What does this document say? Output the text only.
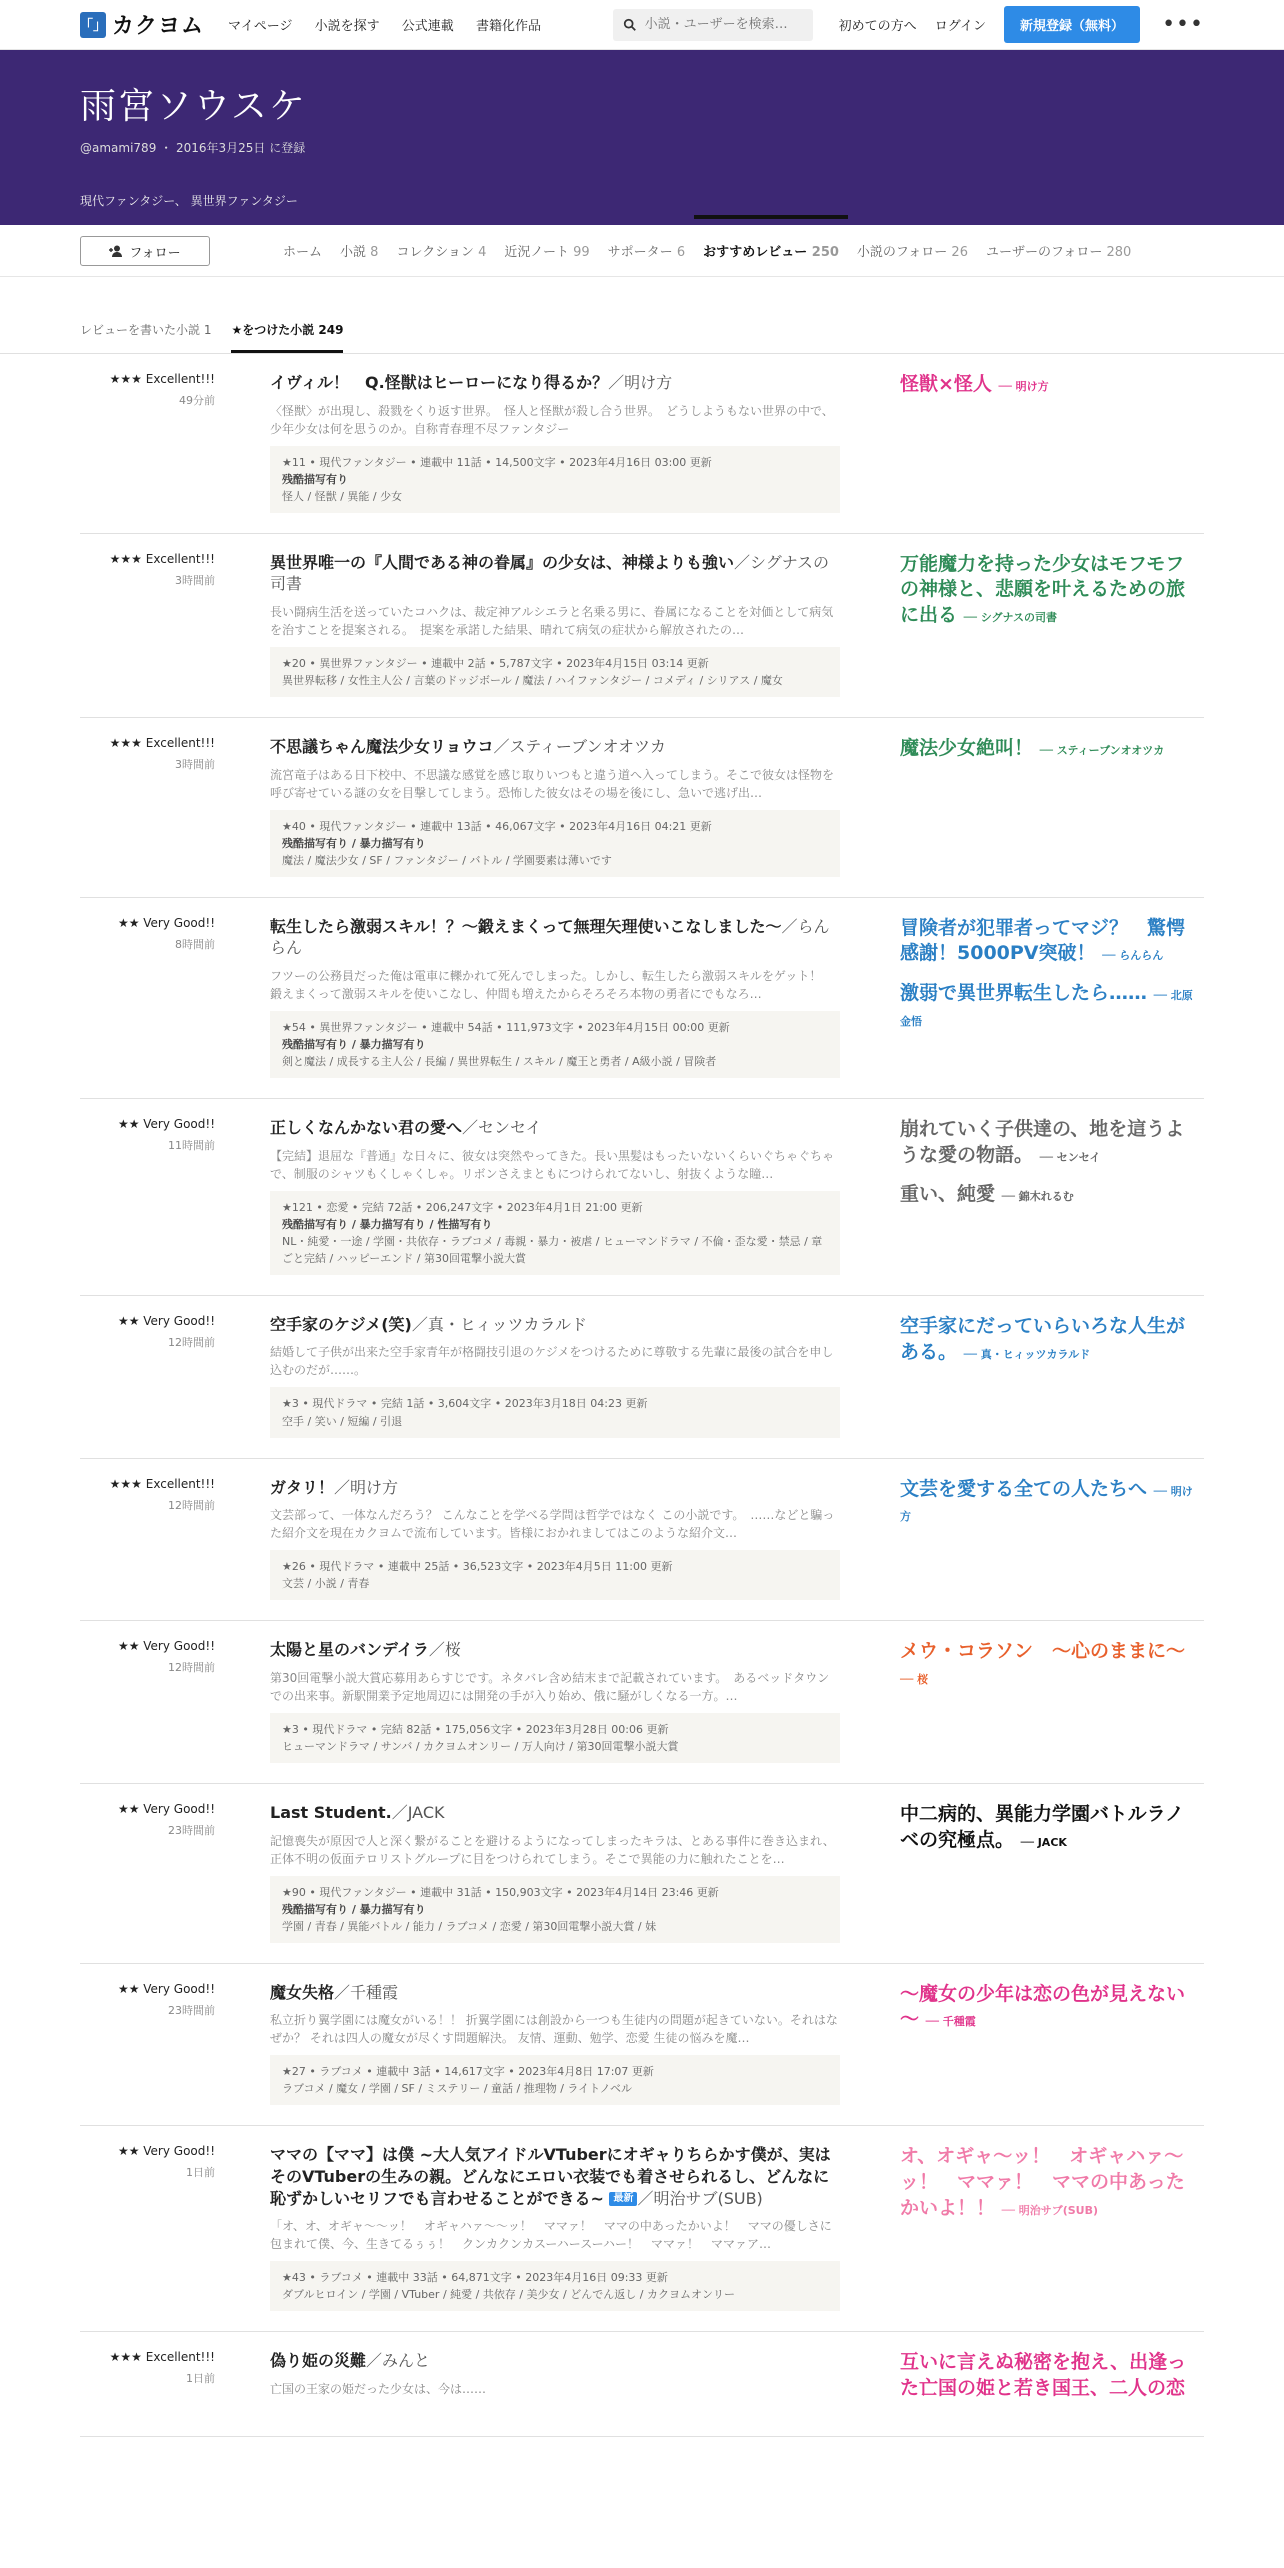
「」 カクヨム マイページ 小説を探す 公式連載 書籍化作品
小説・ユーザーを検索…	初めての方へ ログイン	新規登録（無料）	•••
雨宮ソウスケ
@amami789 ・ 2016年3月25日 に登録
現代ファンタジー、 異世界ファンタジー
フォロー	ホーム	小説 8	コレクション 4	近況ノート 99	サポーター 6	おすすめレビュー 250	小説のフォロー 26	ユーザーのフォロー 280
レビューを書いた小説 1 ★をつけた小説 249
★★★ Excellent!!!
49分前
イヴィル！　Q.怪獣はヒーローになり得るか？／明け方
〈怪獣〉が出現し、殺戮をくり返す世界。　怪人と怪獣が殺し合う世界。　どうしようもない世界の中で、少年少女は何を思うのか。自称青春理不尽ファンタジー
★11 • 現代ファンタジー • 連載中 11話 • 14,500文字 • 2023年4月16日 03:00 更新
残酷描写有り
怪人 / 怪獣 / 異能 / 少女
怪獣×怪人 ── 明け方
★★★ Excellent!!!
3時間前
異世界唯一の『人間である神の眷属』の少女は、神様よりも強い／シグナスの司書
長い闘病生活を送っていたコハクは、裁定神アルシエラと名乗る男に、眷属になることを対価として病気を治すことを提案される。　提案を承諾した結果、晴れて病気の症状から解放されたの…
★20 • 異世界ファンタジー • 連載中 2話 • 5,787文字 • 2023年4月15日 03:14 更新
異世界転移 / 女性主人公 / 言葉のドッジボール / 魔法 / ハイファンタジー / コメディ / シリアス / 魔女
万能魔力を持った少女はモフモフの神様と、悲願を叶えるための旅に出る ── シグナスの司書
★★★ Excellent!!!
3時間前
不思議ちゃん魔法少女リョウコ／スティーブンオオツカ
流宮竜子はある日下校中、不思議な感覚を感じ取りいつもと違う道へ入ってしまう。そこで彼女は怪物を呼び寄せている謎の女を目撃してしまう。恐怖した彼女はその場を後にし、急いで逃げ出…
★40 • 現代ファンタジー • 連載中 13話 • 46,067文字 • 2023年4月16日 04:21 更新
残酷描写有り / 暴力描写有り
魔法 / 魔法少女 / SF / ファンタジー / バトル / 学園要素は薄いです
魔法少女絶叫！ ── スティーブンオオツカ
★★ Very Good!!
8時間前
転生したら激弱スキル！？〜鍛えまくって無理矢理使いこなしました〜／らんらん
フツーの公務員だった俺は電車に轢かれて死んでしまった。しかし、転生したら激弱スキルをゲット！　鍛えまくって激弱スキルを使いこなし、仲間も増えたからそろそろ本物の勇者にでもなろ…
★54 • 異世界ファンタジー • 連載中 54話 • 111,973文字 • 2023年4月15日 00:00 更新
残酷描写有り / 暴力描写有り
剣と魔法 / 成長する主人公 / 長編 / 異世界転生 / スキル / 魔王と勇者 / A級小説 / 冒険者
冒険者が犯罪者ってマジ？　驚愕感謝！5000PV突破！ ── らんらん
激弱で異世界転生したら…… ── 北原金悟
★★ Very Good!!
11時間前
正しくなんかない君の愛へ／センセイ
【完結】退屈な『普通』な日々に、彼女は突然やってきた。長い黒髪はもったいないくらいぐちゃぐちゃで、制服のシャツもくしゃくしゃ。リボンさえまともにつけられてないし、射抜くような瞳…
★121 • 恋愛 • 完結 72話 • 206,247文字 • 2023年4月1日 21:00 更新
残酷描写有り / 暴力描写有り / 性描写有り
NL・純愛・一途 / 学園・共依存・ラブコメ / 毒親・暴力・被虐 / ヒューマンドラマ / 不倫・歪な愛・禁忌 / 章ごと完結 / ハッピーエンド / 第30回電撃小説大賞
崩れていく子供達の、地を這うような愛の物語。 ── センセイ
重い、純愛 ── 錦木れるむ
★★ Very Good!!
12時間前
空手家のケジメ(笑)／真・ヒィッツカラルド
結婚して子供が出来た空手家青年が格闘技引退のケジメをつけるために尊敬する先輩に最後の試合を申し込むのだが……。
★3 • 現代ドラマ • 完結 1話 • 3,604文字 • 2023年3月18日 04:23 更新
空手 / 笑い / 短編 / 引退
空手家にだっていらいろな人生がある。 ── 真・ヒィッツカラルド
★★★ Excellent!!!
12時間前
ガタリ！／明け方
文芸部って、一体なんだろう？ こんなことを学べる学問は哲学ではなく この小説です。　……などと騙った紹介文を現在カクヨムで流布しています。皆様におかれましてはこのような紹介文…
★26 • 現代ドラマ • 連載中 25話 • 36,523文字 • 2023年4月5日 11:00 更新
文芸 / 小説 / 青春
文芸を愛する全ての人たちへ ── 明け方
★★ Very Good!!
12時間前
太陽と星のバンデイラ／桜
第30回電撃小説大賞応募用あらすじです。ネタバレ含め結末まで記載されています。　あるベッドタウンでの出来事。新駅開業予定地周辺には開発の手が入り始め、俄に騒がしくなる一方。…
★3 • 現代ドラマ • 完結 82話 • 175,056文字 • 2023年3月28日 00:06 更新
ヒューマンドラマ / サンバ / カクヨムオンリー / 万人向け / 第30回電撃小説大賞
メウ・コラソン　〜心のままに〜 ── 桜
★★ Very Good!!
23時間前
Last Student.／JACK
記憶喪失が原因で人と深く繋がることを避けるようになってしまったキラは、とある事件に巻き込まれ、正体不明の仮面テロリストグループに目をつけられてしまう。そこで異能の力に触れたことを…
★90 • 現代ファンタジー • 連載中 31話 • 150,903文字 • 2023年4月14日 23:46 更新
残酷描写有り / 暴力描写有り
学園 / 青春 / 異能バトル / 能力 / ラブコメ / 恋愛 / 第30回電撃小説大賞 / 妹
中二病的、異能力学園バトルラノベの究極点。 ── JACK
★★ Very Good!!
23時間前
魔女失格／千種霞
私立折り翼学園には魔女がいる！！ 折翼学園には創設から一つも生徒内の問題が起きていない。それはなぜか？ それは四人の魔女が尽くす問題解決。 友情、運動、勉学、恋愛 生徒の悩みを魔…
★27 • ラブコメ • 連載中 3話 • 14,617文字 • 2023年4月8日 17:07 更新
ラブコメ / 魔女 / 学園 / SF / ミステリー / 童話 / 推理物 / ライトノベル
～魔女の少年は恋の色が見えない～ ── 千種霞
★★ Very Good!!
1日前
ママの【ママ】は僕 ~大人気アイドルVTuberにオギャりちらかす僕が、実はそのVTuberの生みの親。どんなにエロい衣装でも着させられるし、どんなに恥ずかしいセリフでも言わせることができる~ 最新 ／明治サブ(SUB)
「オ、オ、オギャ〜〜ッ！　オギャハァ〜〜ッ！　ママァ！　ママの中あったかいよ！　ママの優しさに包まれて僕、今、生きてるぅぅ！　クンカクンカスーハースーハー！　ママァ！　ママァア…
★43 • ラブコメ • 連載中 33話 • 64,871文字 • 2023年4月16日 09:33 更新
ダブルヒロイン / 学園 / VTuber / 純愛 / 共依存 / 美少女 / どんでん返し / カクヨムオンリー
オ、オギャ～ッ！　オギャハァ～ッ！　ママァ！　ママの中あったかいよ！！ ── 明治サブ(SUB)
★★★ Excellent!!!
1日前
偽り姫の災難／みんと
亡国の王家の姫だった少女は、今は……
互いに言えぬ秘密を抱え、出逢った亡国の姫と若き国王、二人の恋
